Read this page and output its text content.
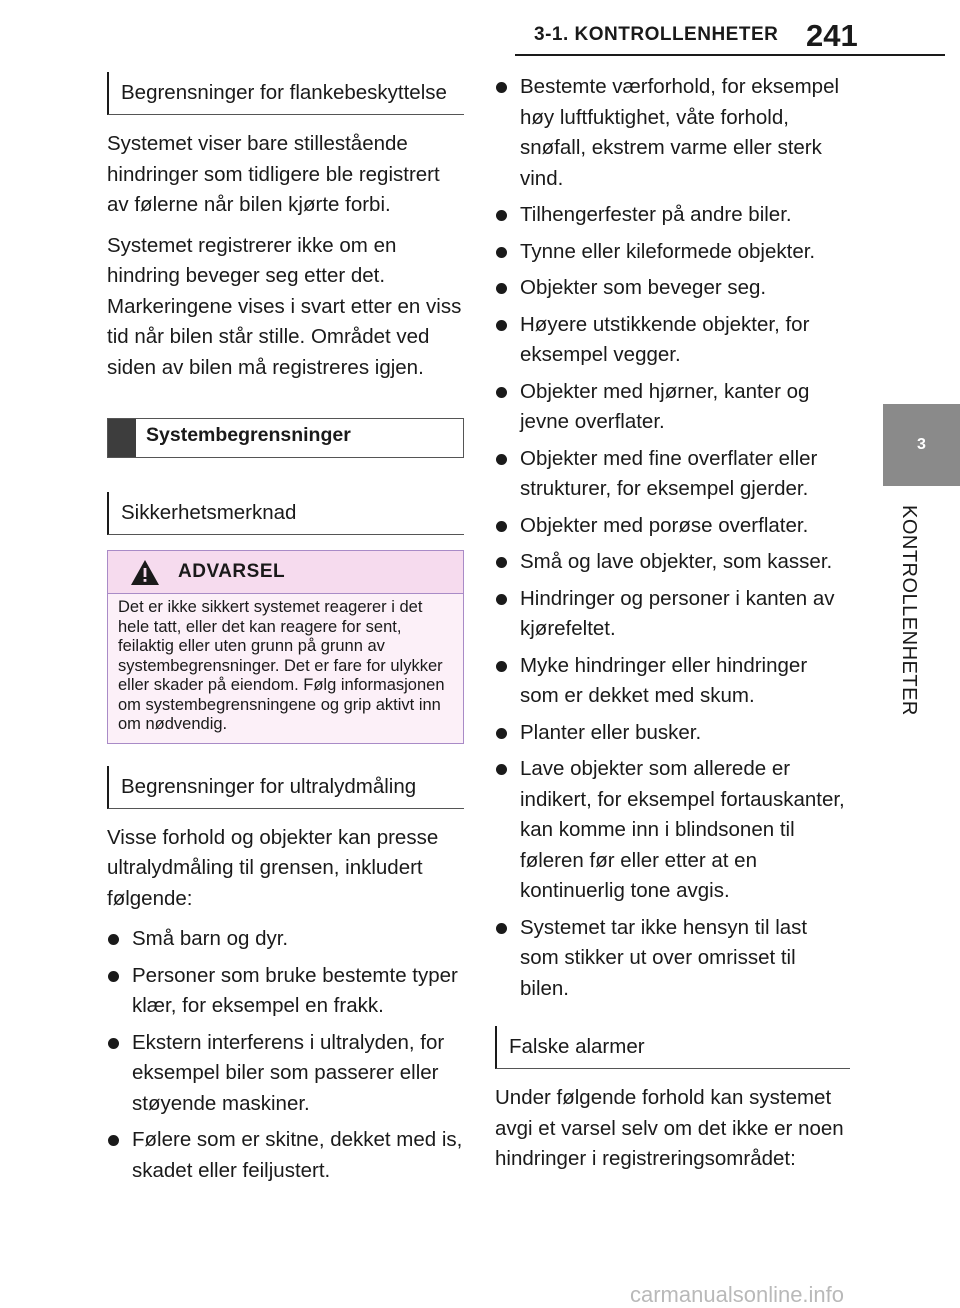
3-1. KONTROLLENHETER 241
3
KONTROLLENHETER
Begrensninger for flankebeskyttelse

Systemet viser bare stillestående hindringer som tidligere ble registrert av følerne når bilen kjørte forbi.

Systemet registrerer ikke om en hindring beveger seg etter det. Markeringene vises i svart etter en viss tid når bilen står stille. Området ved siden av bilen må registreres igjen.

Systembegrensninger
Sikkerhetsmerknad
ADVARSEL
Det er ikke sikkert systemet reagerer i det hele tatt, eller det kan reagere for sent, feilaktig eller uten grunn på grunn av systembegrensninger. Det er fare for ulykker eller skader på eiendom. Følg informasjonen om systembegrensningene og grip aktivt inn om nødvendig.
Begrensninger for ultralydmåling

Visse forhold og objekter kan presse ultralydmåling til grensen, inkludert følgende:

Små barn og dyr.
Personer som bruke bestemte typer klær, for eksempel en frakk.
Ekstern interferens i ultralyden, for eksempel biler som passerer eller støyende maskiner.
Følere som er skitne, dekket med is, skadet eller feiljustert.
Bestemte værforhold, for eksempel høy luftfuktighet, våte forhold, snøfall, ekstrem varme eller sterk vind.
Tilhengerfester på andre biler.
Tynne eller kileformede objekter.
Objekter som beveger seg.
Høyere utstikkende objekter, for eksempel vegger.
Objekter med hjørner, kanter og jevne overflater.
Objekter med fine overflater eller strukturer, for eksempel gjerder.
Objekter med porøse overflater.
Små og lave objekter, som kasser.
Hindringer og personer i kanten av kjørefeltet.
Myke hindringer eller hindringer som er dekket med skum.
Planter eller busker.
Lave objekter som allerede er indikert, for eksempel fortauskanter, kan komme inn i blindsonen til føleren før eller etter at en kontinuerlig tone avgis.
Systemet tar ikke hensyn til last som stikker ut over omrisset til bilen.
Falske alarmer

Under følgende forhold kan systemet avgi et varsel selv om det ikke er noen hindringer i registreringsområdet:

carmanualsonline.info
